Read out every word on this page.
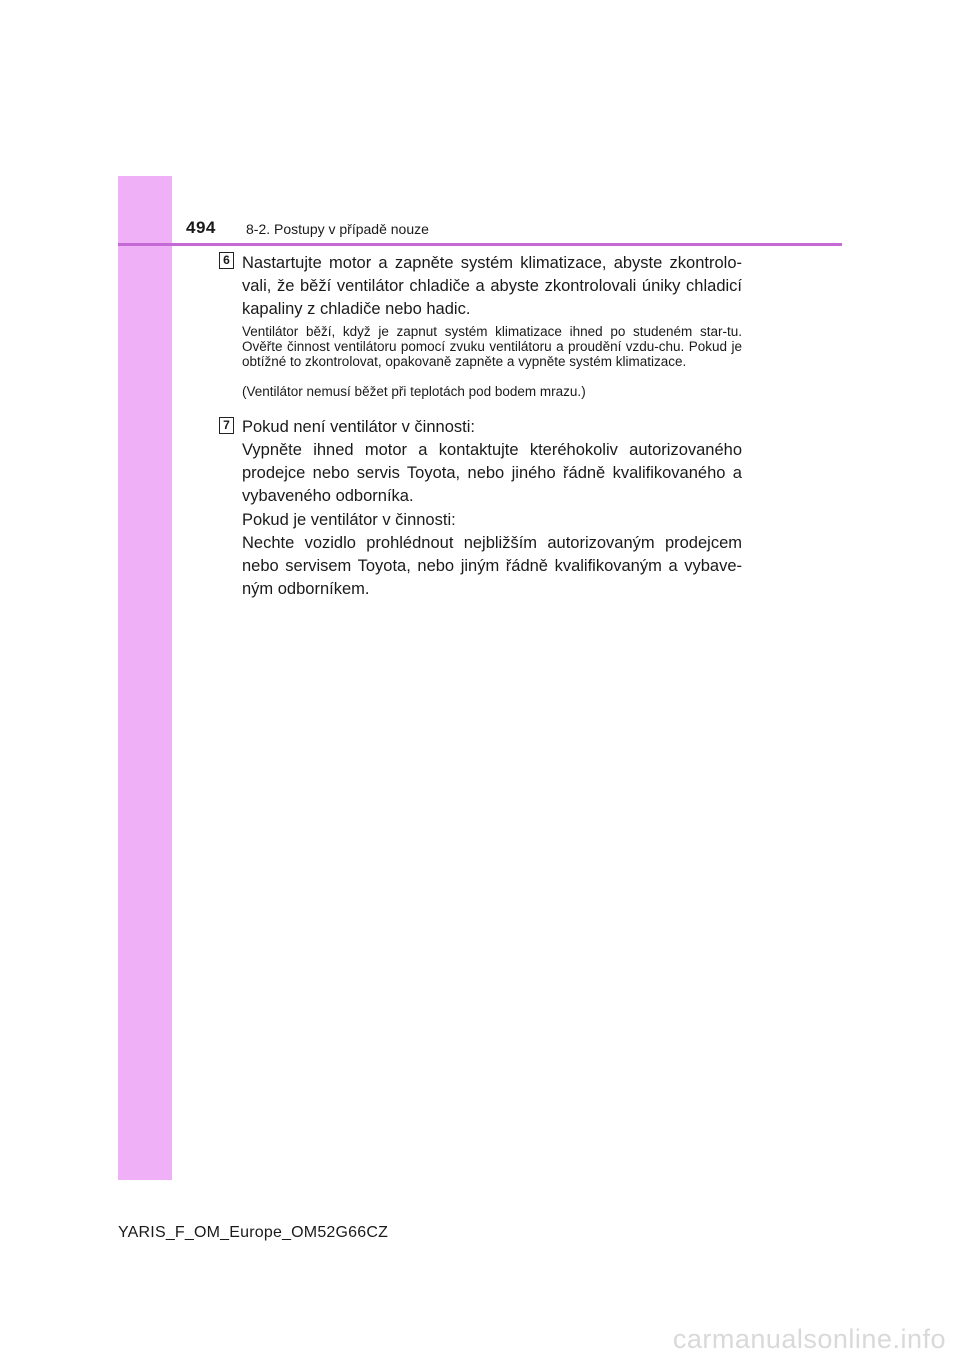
494 8-2. Postupy v případě nouze
6 Nastartujte motor a zapněte systém klimatizace, abyste zkontrolo-vali, že běží ventilátor chladiče a abyste zkontrolovali úniky chladicí kapaliny z chladiče nebo hadic.

Ventilátor běží, když je zapnut systém klimatizace ihned po studeném star-tu. Ověřte činnost ventilátoru pomocí zvuku ventilátoru a proudění vzdu-chu. Pokud je obtížné to zkontrolovat, opakovaně zapněte a vypněte systém klimatizace.

(Ventilátor nemusí běžet při teplotách pod bodem mrazu.)

7 Pokud není ventilátor v činnosti:

Vypněte ihned motor a kontaktujte kteréhokoliv autorizovaného prodejce nebo servis Toyota, nebo jiného řádně kvalifikovaného a vybaveného odborníka.

Pokud je ventilátor v činnosti:

Nechte vozidlo prohlédnout nejbližším autorizovaným prodejcem nebo servisem Toyota, nebo jiným řádně kvalifikovaným a vybave-ným odborníkem.

YARIS_F_OM_Europe_OM52G66CZ
carmanualsonline.info
